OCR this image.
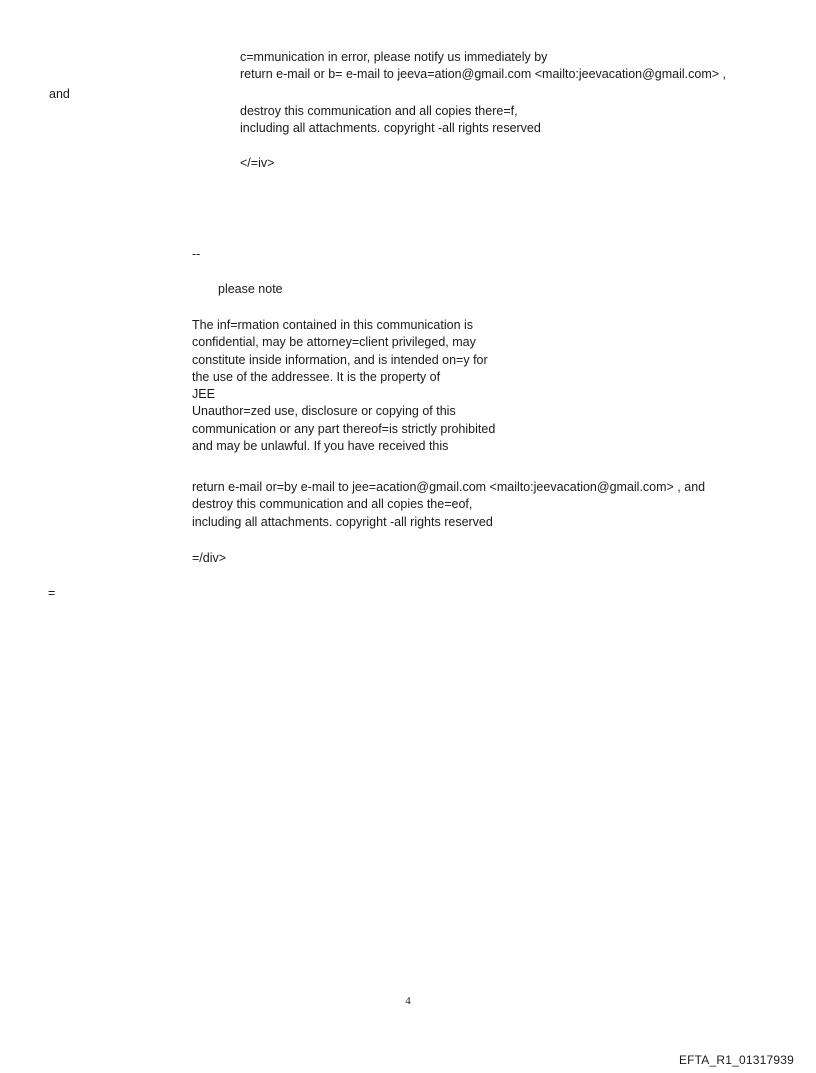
c=mmunication in error, please notify us immediately by
return e-mail or b= e-mail to jeeva=ation@gmail.com <mailto:jeevacation@gmail.com> ,
and
destroy this communication and all copies there=f,
including all attachments. copyright -all rights reserved
</=iv>
--
please note
The inf=rmation contained in this communication is
confidential, may be attorney=client privileged, may
constitute inside information, and is intended on=y for
the use of the addressee. It is the property of
JEE
Unauthor=zed use, disclosure or copying of this
communication or any part thereof=is strictly prohibited
and may be unlawful. If you have received this
return e-mail or=by e-mail to jee=acation@gmail.com <mailto:jeevacation@gmail.com> , and
destroy this communication and all copies the=eof,
including all attachments. copyright -all rights reserved
=/div>
=
4
EFTA_R1_01317939
